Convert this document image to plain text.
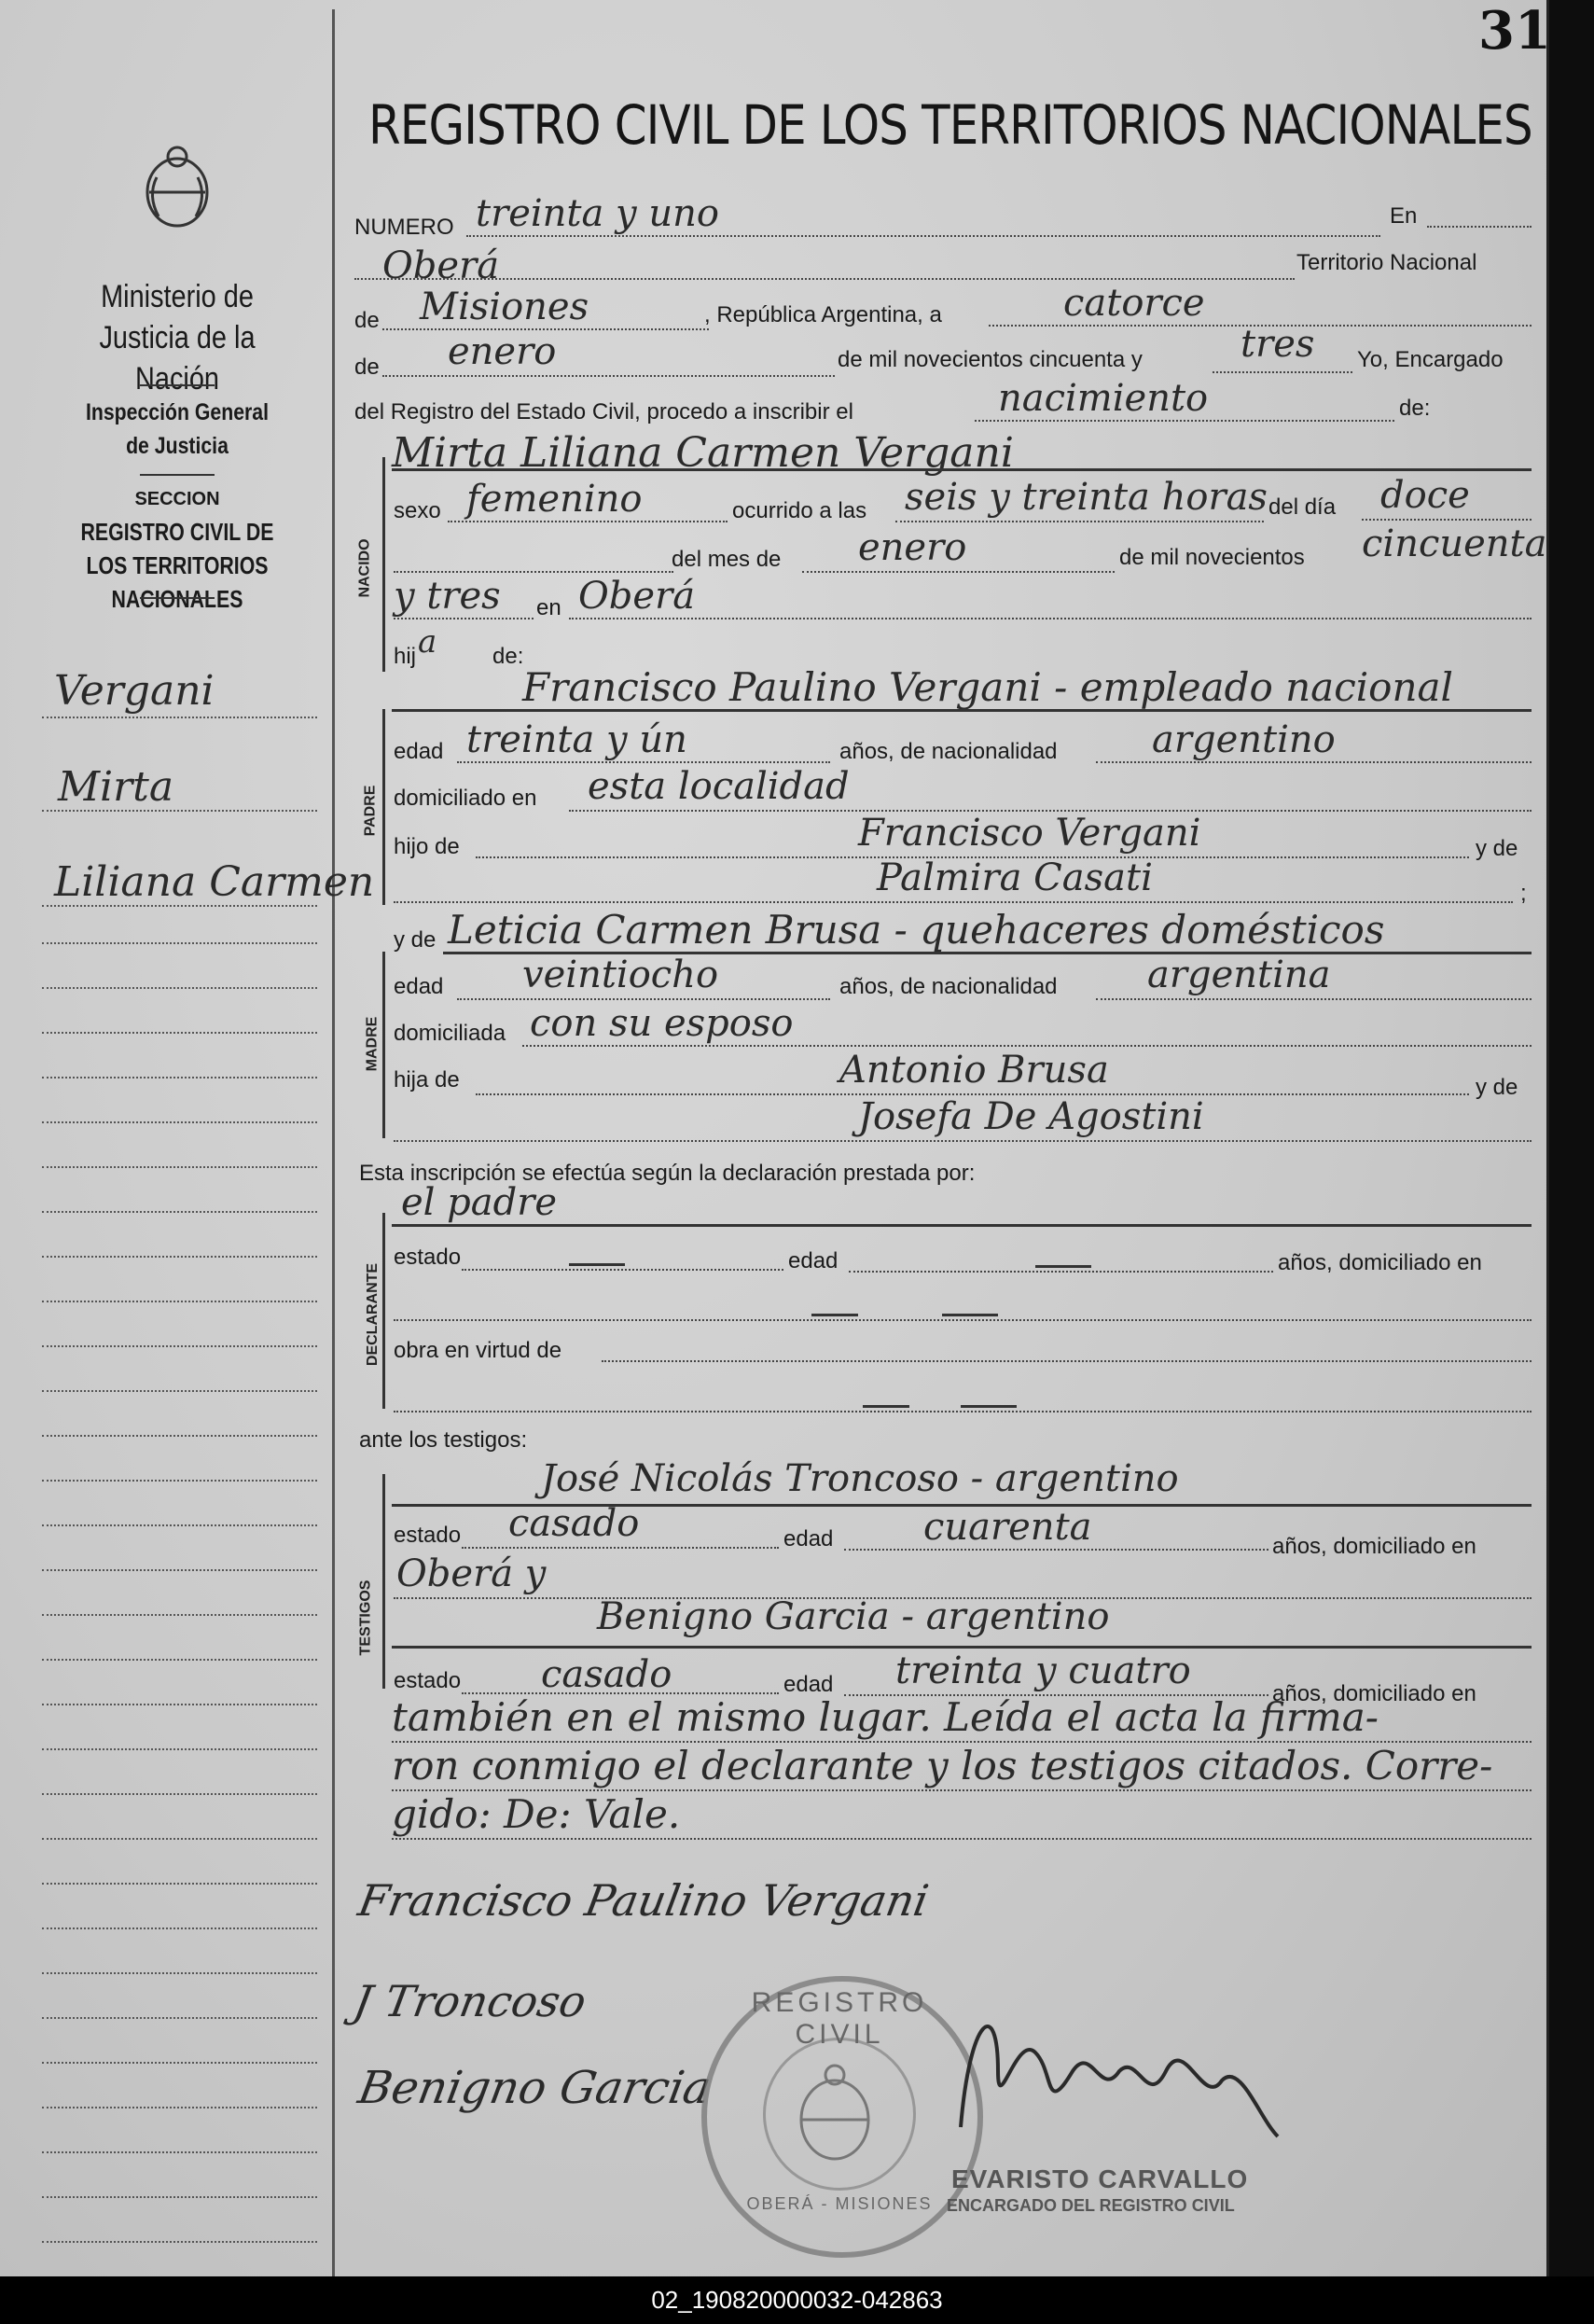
31
REGISTRO CIVIL DE LOS TERRITORIOS NACIONALES
Ministerio de Justicia de la Nación
Inspección General de Justicia
SECCION
REGISTRO CIVIL DE LOS TERRITORIOS NACIONALES
Vergani
Mirta
Liliana Carmen
NUMERO treinta y uno	En
Oberá	Territorio Nacional
de Misiones	, República Argentina, a	catorce
de enero	de mil novecientos cincuenta y	tres Yo, Encargado
del Registro del Estado Civil, procedo a inscribir el	nacimiento	de:
NACIDO
Mirta Liliana Carmen Vergani
sexo femenino	ocurrido a las seis y treinta horas del día doce
del mes de enero	de mil novecientos cincuenta
y tres en Oberá
hij a de:
PADRE
Francisco Paulino Vergani - empleado nacional
edad treinta y ún	años, de nacionalidad	argentino
domiciliado en esta localidad
hijo de	Francisco Vergani	y de
Palmira Casati	;
MADRE
y de Leticia Carmen Brusa - quehaceres domésticos
edad veintiocho	años, de nacionalidad argentina
domiciliada con su esposo
hija de	Antonio Brusa	y de
Josefa De Agostini
Esta inscripción se efectúa según la declaración prestada por:
DECLARANTE
el padre
estado	edad	años, domiciliado en
obra en virtud de
ante los testigos:
TESTIGOS
José Nicolás Troncoso - argentino
estado casado	edad cuarenta	años, domiciliado en
Oberá y
Benigno Garcia - argentino
estado casado	edad treinta y cuatro
años, domiciliado en
también en el mismo lugar. Leída el acta la firma-
ron conmigo el declarante y los testigos citados. Corre-
gido: De: Vale.
Francisco Paulino Vergani
J Troncoso
Benigno Garcia
REGISTRO CIVIL
OBERÁ - MISIONES
EVARISTO CARVALLO
ENCARGADO DEL REGISTRO CIVIL
02_190820000032-042863
